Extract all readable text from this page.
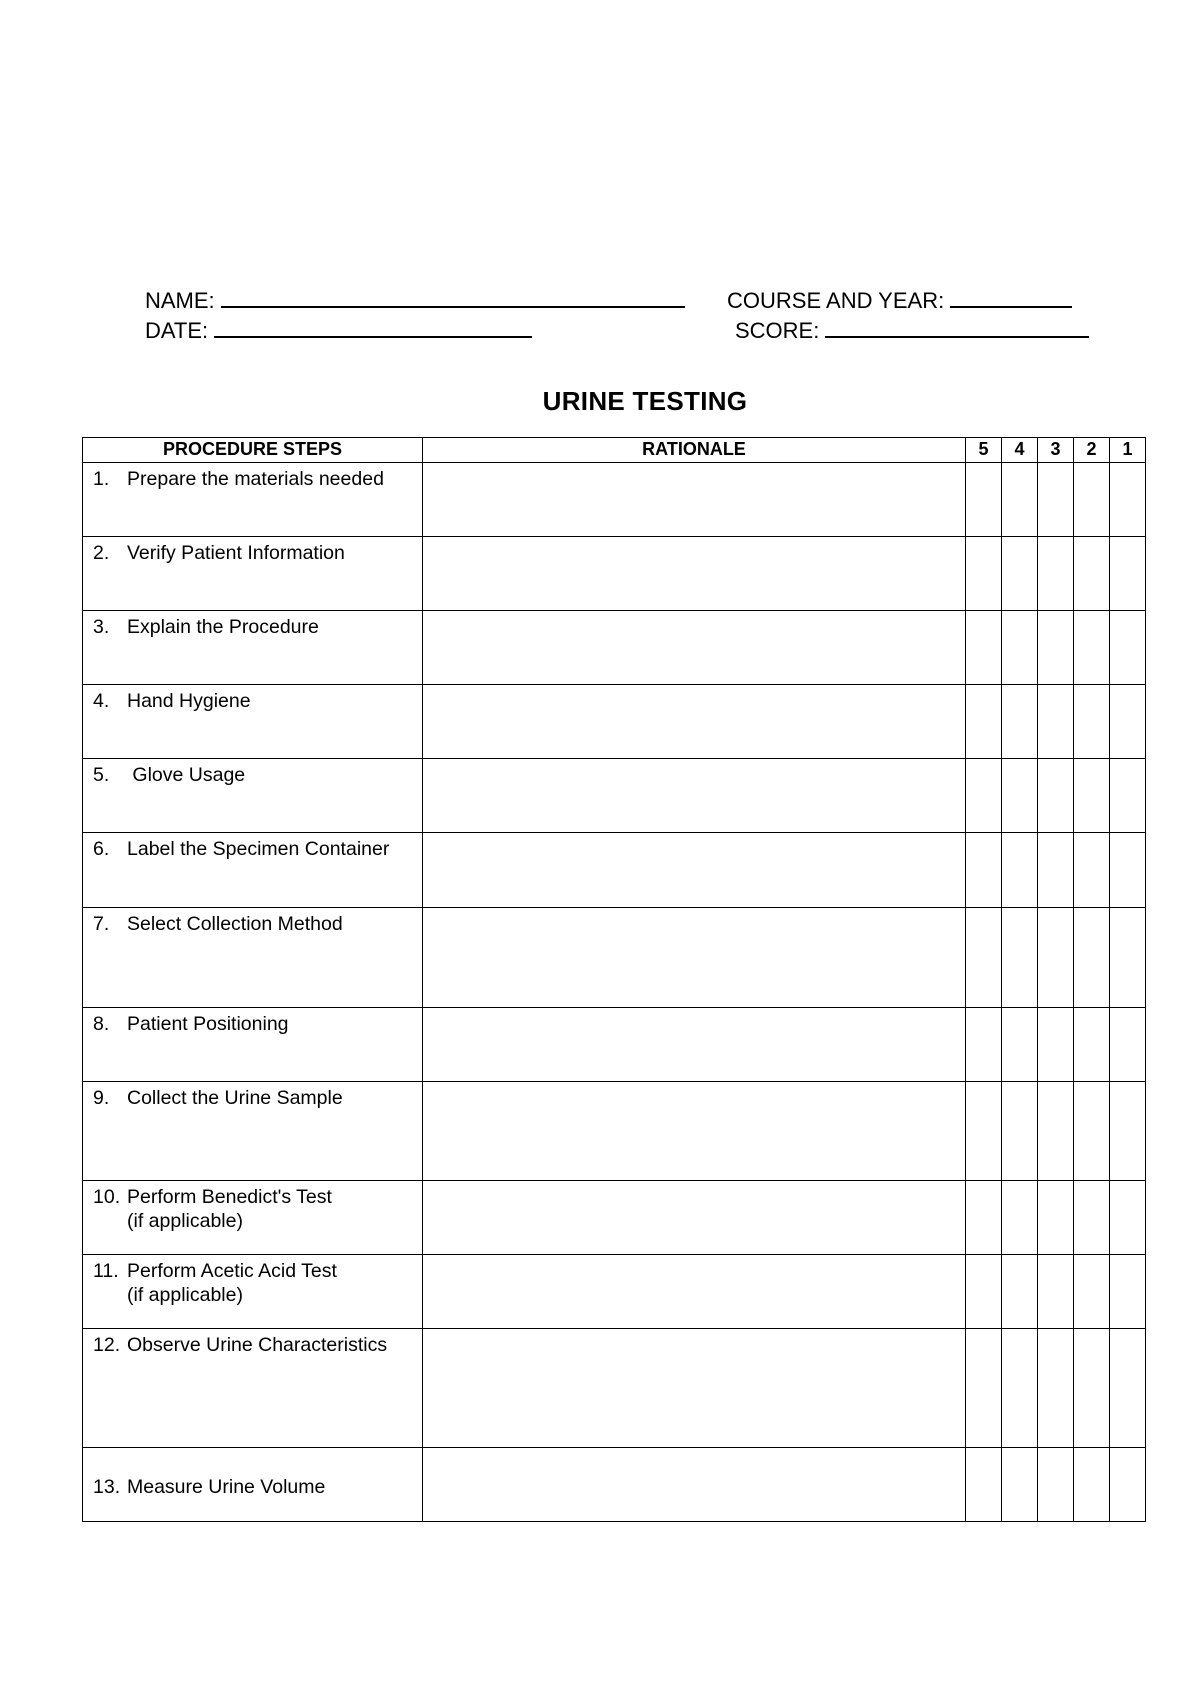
NAME:
DATE:
COURSE AND YEAR:
SCORE:
URINE TESTING
PROCEDURE STEPS	RATIONALE	5	4	3	2	1
1. Prepare the materials needed						
2. Verify Patient Information						
3. Explain the Procedure						
4. Hand Hygiene						
5. Glove Usage						
6. Label the Specimen Container						
7. Select Collection Method						
8. Patient Positioning						
9. Collect the Urine Sample						
10. Perform Benedict's Test
(if applicable)						

11. Perform Acetic Acid Test
(if applicable)						

12. Observe Urine Characteristics						
13. Measure Urine Volume						
